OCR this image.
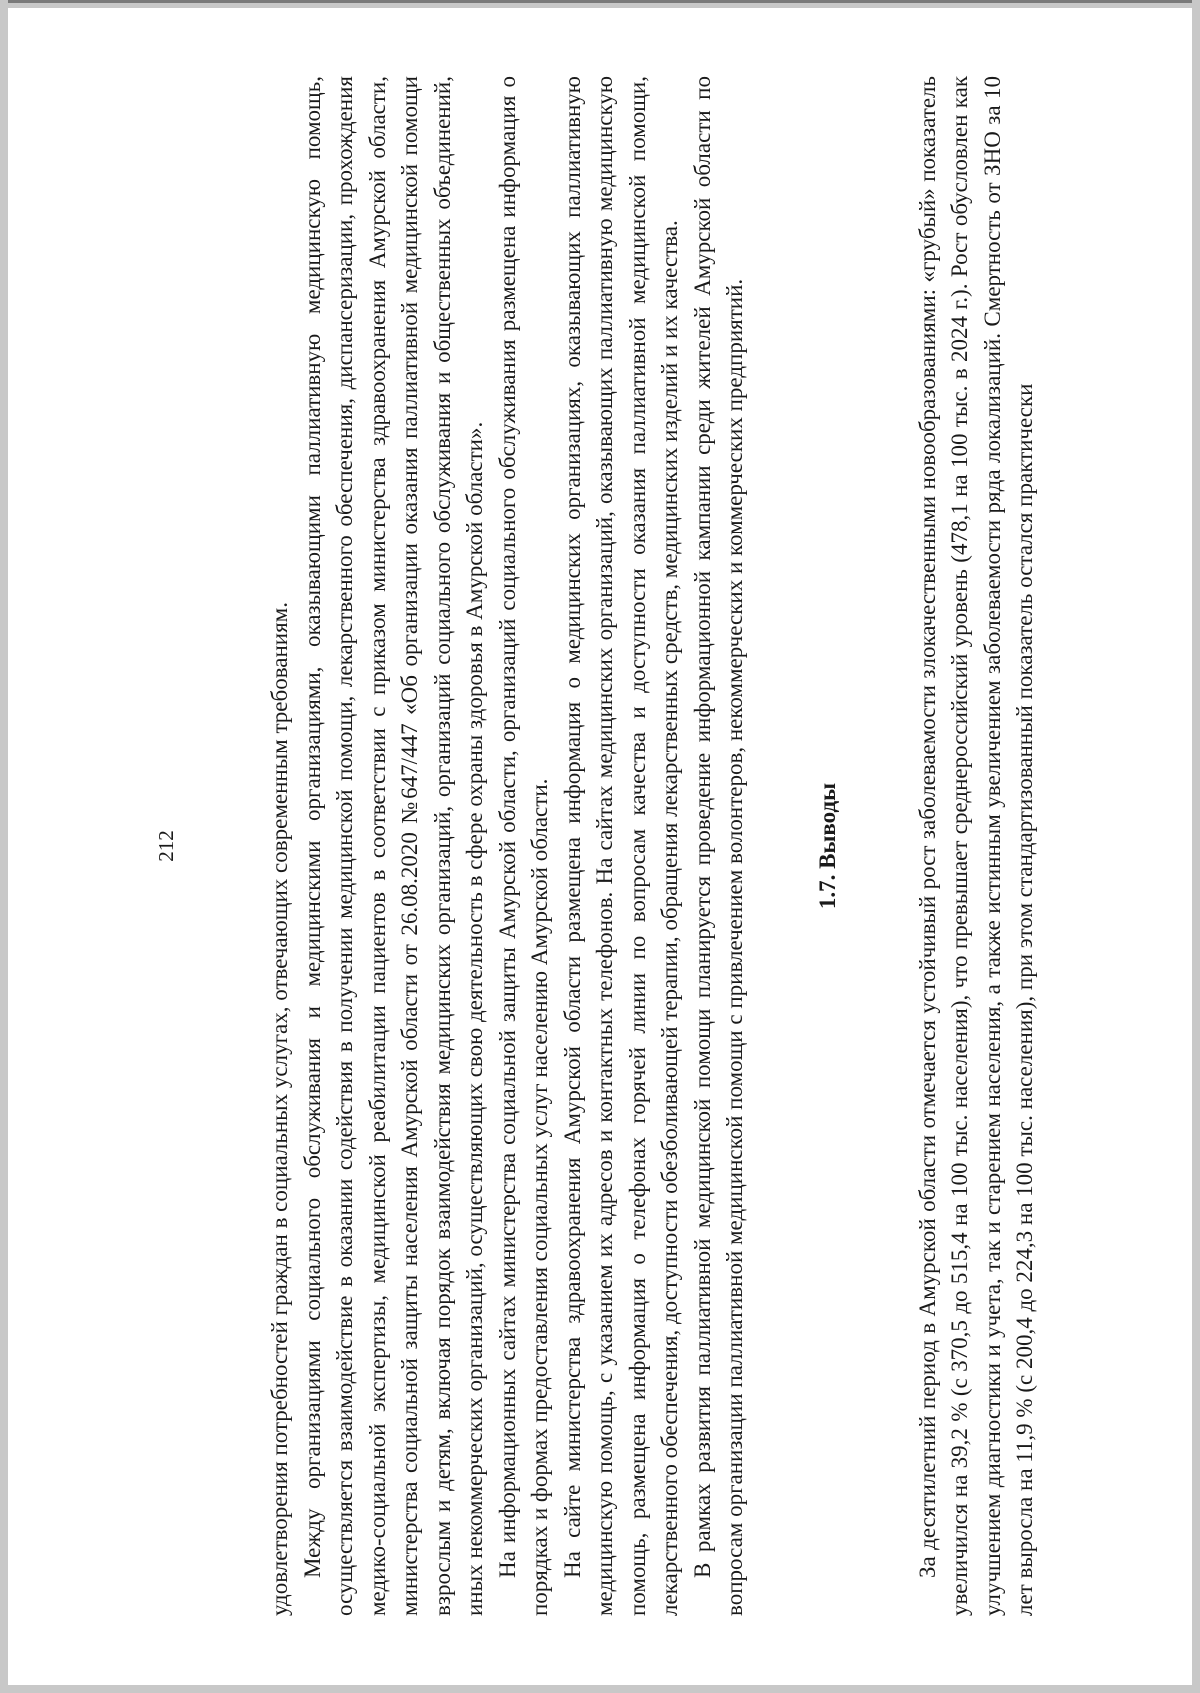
212	удовлетворения потребностей граждан в социальных услугах, отвечающих современным требованиям. Между организациями социального обслуживания и медицинскими организациями, оказывающими паллиативную медицинскую помощь, осуществляется взаимодействие в оказании содействия в получении медицинской помощи, лекарственного обеспечения, диспансеризации, прохождения медико-социальной экспертизы, медицинской реабилитации пациентов в соответствии с приказом министерства здравоохранения Амурской области, министерства социальной защиты населения Амурской области от 26.08.2020 №647/447 «Об организации оказания паллиативной медицинской помощи взрослым и детям, включая порядок взаимодействия медицинских организаций, организаций социального обслуживания и общественных объединений, иных некоммерческих организаций, осуществляющих свою деятельность в сфере охраны здоровья в Амурской области». На информационных сайтах министерства социальной защиты Амурской области, организаций социального обслуживания размещена информация о порядках и формах предоставления социальных услуг населению Амурской области. На сайте министерства здравоохранения Амурской области размещена информация о медицинских организациях, оказывающих паллиативную медицинскую помощь, с указанием их адресов и контактных телефонов. На сайтах медицинских организаций, оказывающих паллиативную медицинскую помощь, размещена информация о телефонах горячей линии по вопросам качества и доступности оказания паллиативной медицинской помощи, лекарственного обеспечения, доступности обезболивающей терапии, обращения лекарственных средств, медицинских изделий и их качества. В рамках развития паллиативной медицинской помощи планируется проведение информационной кампании среди жителей Амурской области по вопросам организации паллиативной медицинской помощи с привлечением волонтеров, некоммерческих и коммерческих предприятий.	1.7. Выводы	За десятилетний период в Амурской области отмечается устойчивый рост заболеваемости злокачественными новообразованиями: «грубый» показатель увеличился на 39,2 % (с 370,5 до 515,4 на 100 тыс. населения), что превышает среднероссийский уровень (478,1 на 100 тыс. в 2024 г.). Рост обусловлен как улучшением диагностики и учета, так и старением населения, а также истинным увеличением заболеваемости ряда локализаций. Смертность от ЗНО за 10 лет выросла на 11,9 % (с 200,4 до 224,3 на 100 тыс. населения), при этом стандартизованный показатель остался практически
